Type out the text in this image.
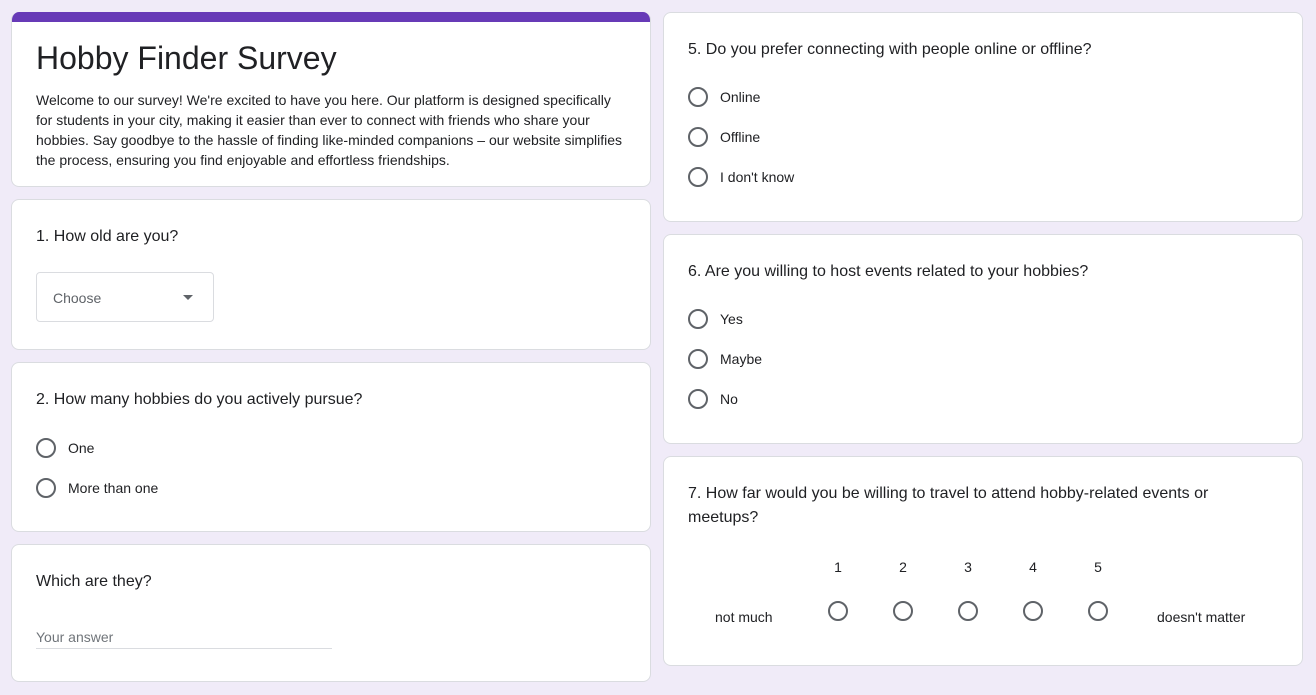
Hobby Finder Survey
Welcome to our survey! We're excited to have you here. Our platform is designed specifically for students in your city, making it easier than ever to connect with friends who share your hobbies. Say goodbye to the hassle of finding like-minded companions – our website simplifies the process, ensuring you find enjoyable and effortless friendships.
1. How old are you?
Choose
2. How many hobbies do you actively pursue?
One
More than one
Which are they?
Your answer
5. Do you prefer connecting with people online or offline?
Online
Offline
I don't know
6. Are you willing to host events related to your hobbies?
Yes
Maybe
No
7. How far would you be willing to travel to attend hobby-related events or meetups?
1	2	3	4	5
not much	doesn't matter
